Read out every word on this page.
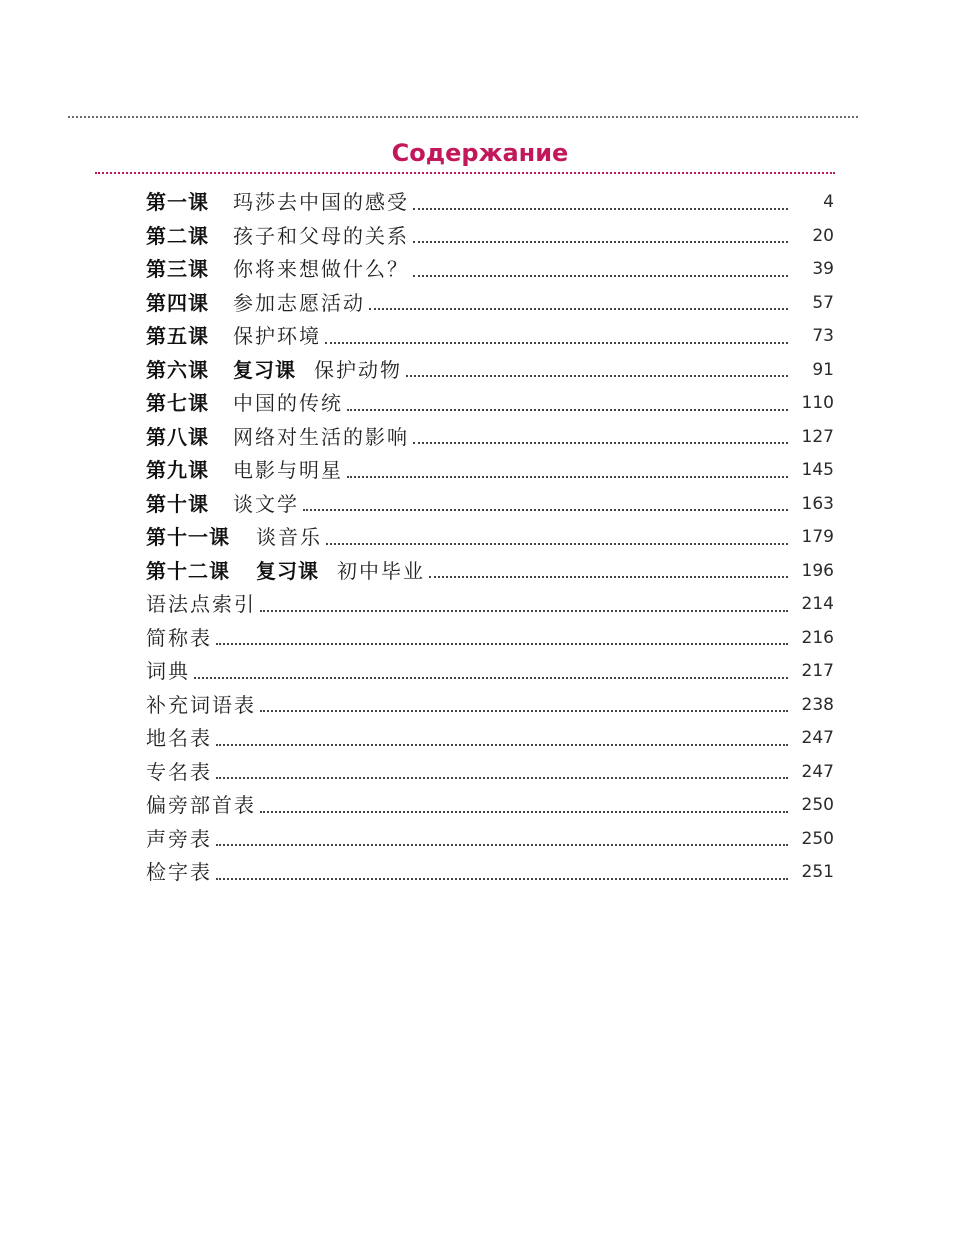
Содержание
第一课	玛莎去中国的感受	4
第二课	孩子和父母的关系	20
第三课	你将来想做什么？	39
第四课	参加志愿活动	57
第五课	保护环境	73
第六课	复习课 保护动物	91
第七课	中国的传统	110
第八课	网络对生活的影响	127
第九课	电影与明星	145
第十课	谈文学	163
第十一课	谈音乐	179
第十二课	复习课 初中毕业	196
语法点索引	214
简称表	216
词典	217
补充词语表	238
地名表	247
专名表	247
偏旁部首表	250
声旁表	250
检字表	251
